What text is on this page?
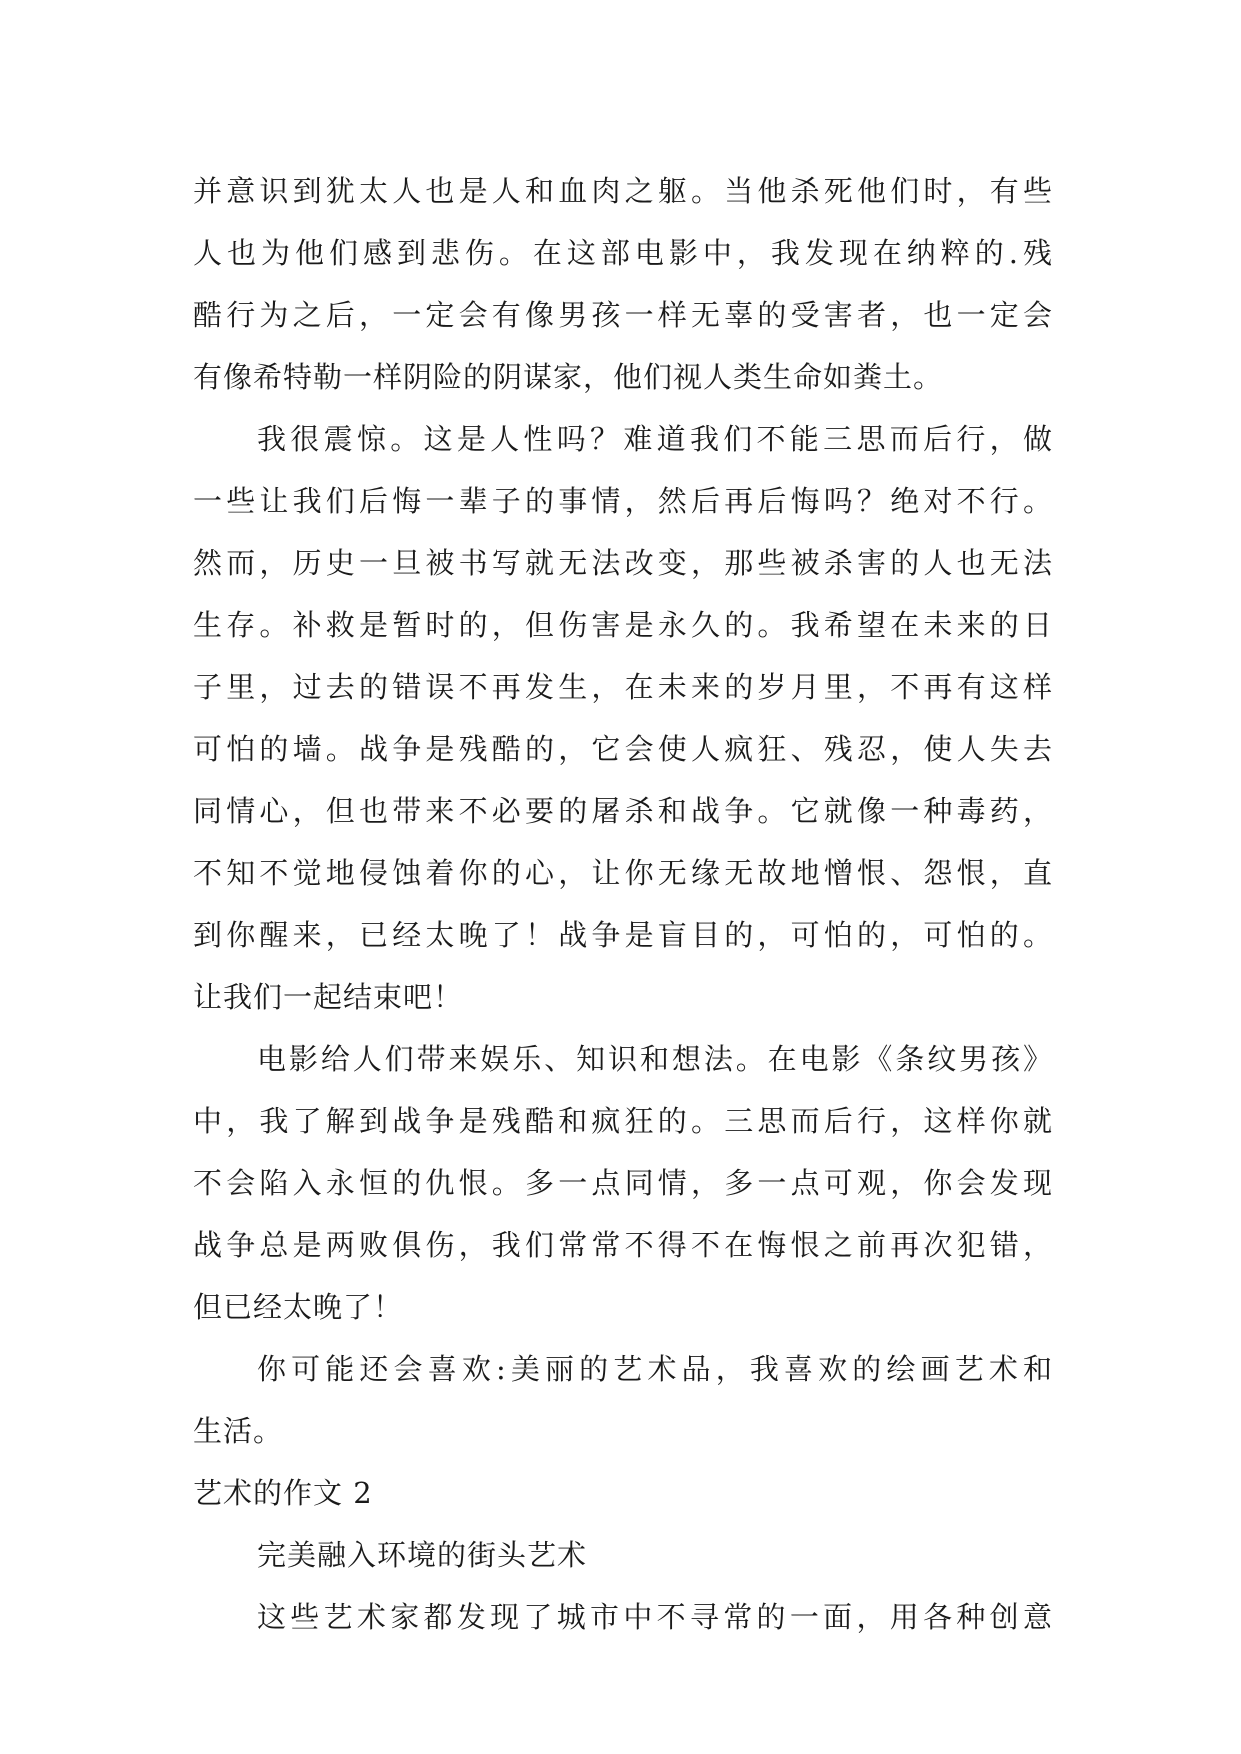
并意识到犹太人也是人和血肉之躯。当他杀死他们时，有些
人也为他们感到悲伤。在这部电影中，我发现在纳粹的.残
酷行为之后，一定会有像男孩一样无辜的受害者，也一定会
有像希特勒一样阴险的阴谋家，他们视人类生命如粪土。
我很震惊。这是人性吗？难道我们不能三思而后行，做
一些让我们后悔一辈子的事情，然后再后悔吗？绝对不行。
然而，历史一旦被书写就无法改变，那些被杀害的人也无法
生存。补救是暂时的，但伤害是永久的。我希望在未来的日
子里，过去的错误不再发生，在未来的岁月里，不再有这样
可怕的墙。战争是残酷的，它会使人疯狂、残忍，使人失去
同情心，但也带来不必要的屠杀和战争。它就像一种毒药，
不知不觉地侵蚀着你的心，让你无缘无故地憎恨、怨恨，直
到你醒来，已经太晚了！战争是盲目的，可怕的，可怕的。
让我们一起结束吧！
电影给人们带来娱乐、知识和想法。在电影《条纹男孩》
中，我了解到战争是残酷和疯狂的。三思而后行，这样你就
不会陷入永恒的仇恨。多一点同情，多一点可观，你会发现
战争总是两败俱伤，我们常常不得不在悔恨之前再次犯错，
但已经太晚了！
你可能还会喜欢:美丽的艺术品，我喜欢的绘画艺术和
生活。
艺术的作文 2
完美融入环境的街头艺术
这些艺术家都发现了城市中不寻常的一面，用各种创意
